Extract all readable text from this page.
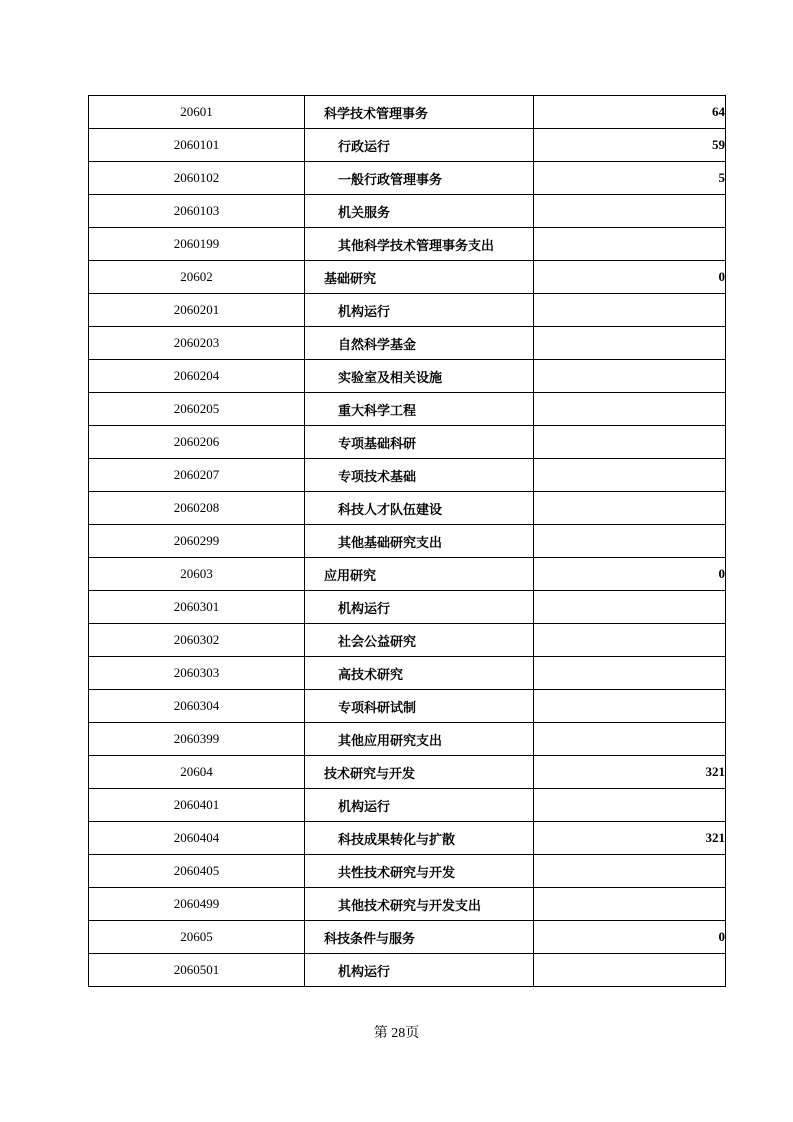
20601	科学技术管理事务	64
2060101	行政运行	59
2060102	一般行政管理事务	5
2060103	机关服务	
2060199	其他科学技术管理事务支出	
20602	基础研究	0
2060201	机构运行	
2060203	自然科学基金	
2060204	实验室及相关设施	
2060205	重大科学工程	
2060206	专项基础科研	
2060207	专项技术基础	
2060208	科技人才队伍建设	
2060299	其他基础研究支出	
20603	应用研究	0
2060301	机构运行	
2060302	社会公益研究	
2060303	高技术研究	
2060304	专项科研试制	
2060399	其他应用研究支出	
20604	技术研究与开发	321
2060401	机构运行	
2060404	科技成果转化与扩散	321
2060405	共性技术研究与开发	
2060499	其他技术研究与开发支出	
20605	科技条件与服务	0
2060501	机构运行	
第 28页
